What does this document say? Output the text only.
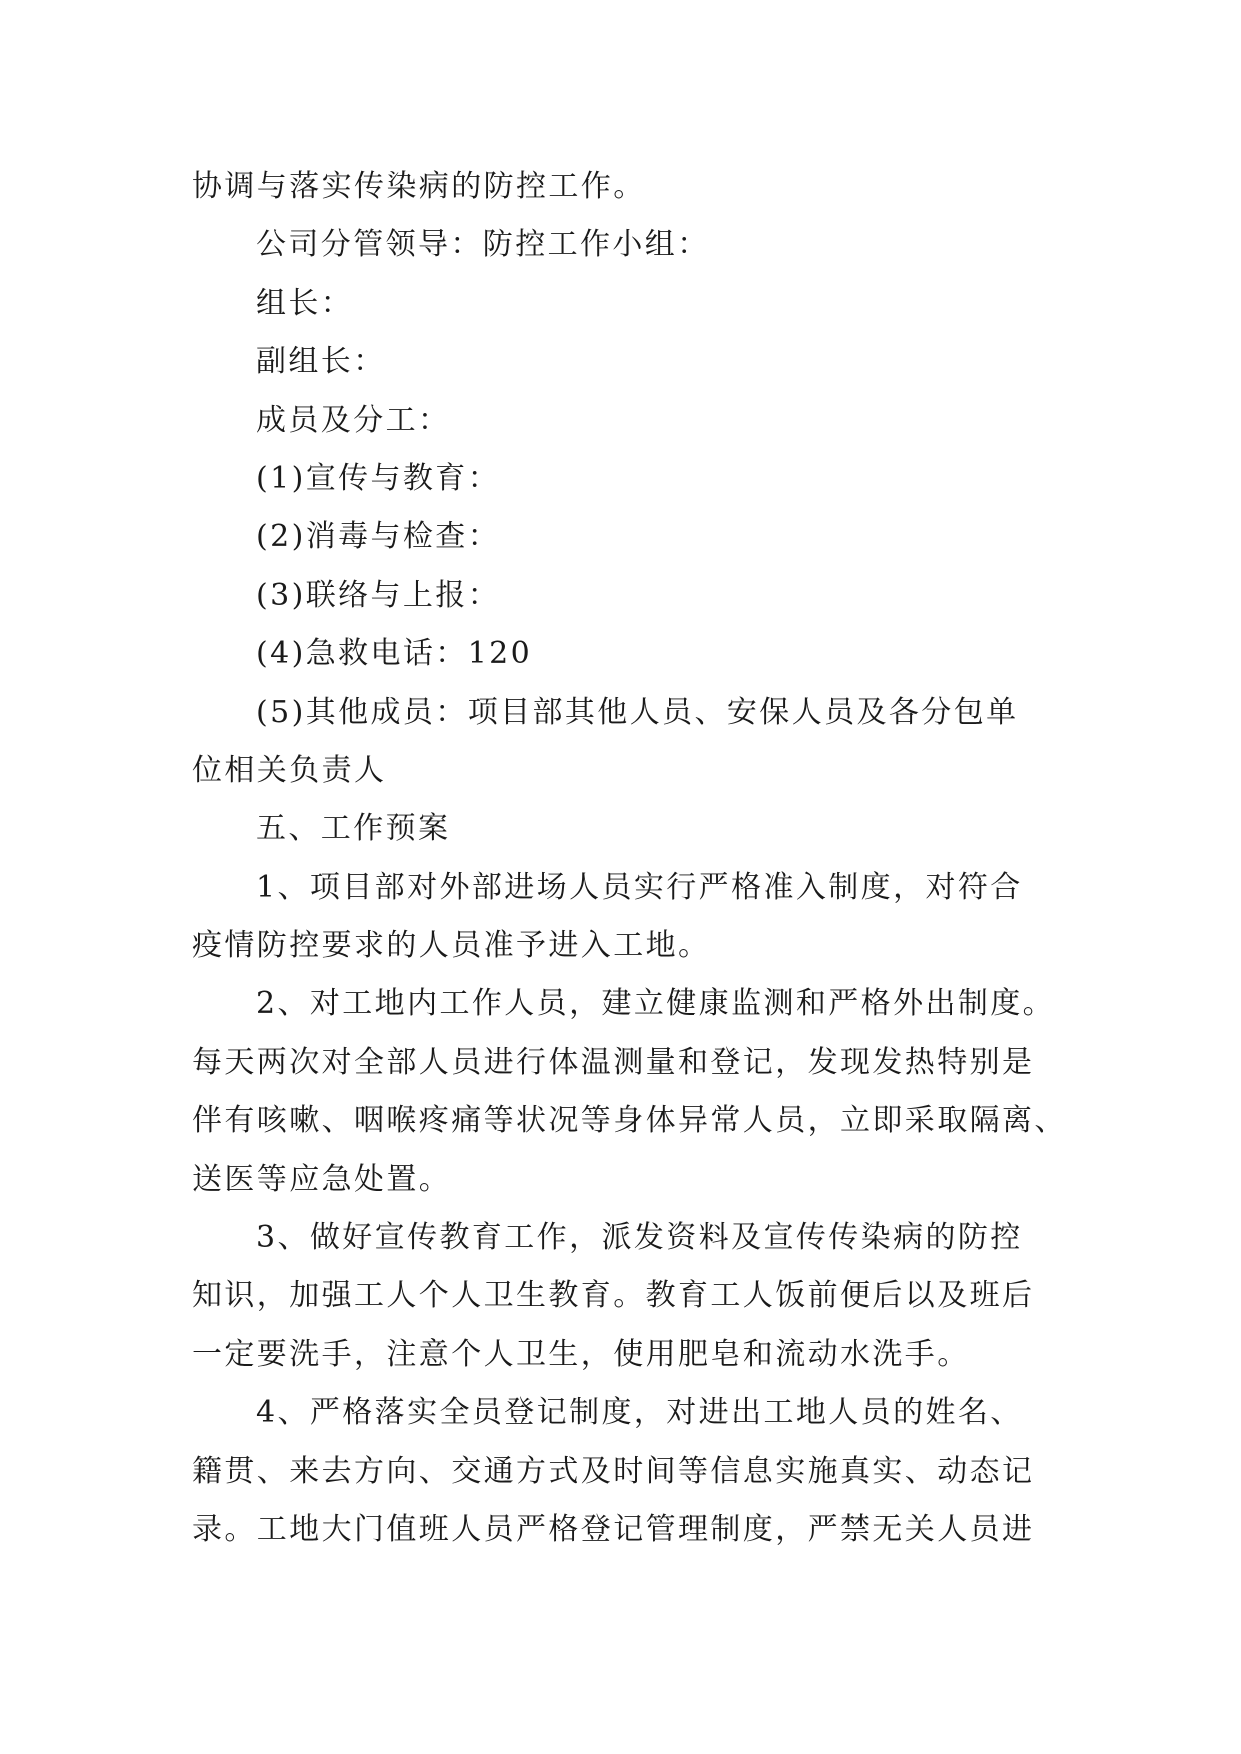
协调与落实传染病的防控工作。
公司分管领导：防控工作小组：
组长：
副组长：
成员及分工：
(1)宣传与教育：
(2)消毒与检查：
(3)联络与上报：
(4)急救电话：120
(5)其他成员：项目部其他人员、安保人员及各分包单
位相关负责人
五、工作预案
1、项目部对外部进场人员实行严格准入制度，对符合
疫情防控要求的人员准予进入工地。
2、对工地内工作人员，建立健康监测和严格外出制度。
每天两次对全部人员进行体温测量和登记，发现发热特别是
伴有咳嗽、咽喉疼痛等状况等身体异常人员，立即采取隔离、
送医等应急处置。
3、做好宣传教育工作，派发资料及宣传传染病的防控
知识，加强工人个人卫生教育。教育工人饭前便后以及班后
一定要洗手，注意个人卫生，使用肥皂和流动水洗手。
4、严格落实全员登记制度，对进出工地人员的姓名、
籍贯、来去方向、交通方式及时间等信息实施真实、动态记
录。工地大门值班人员严格登记管理制度，严禁无关人员进
